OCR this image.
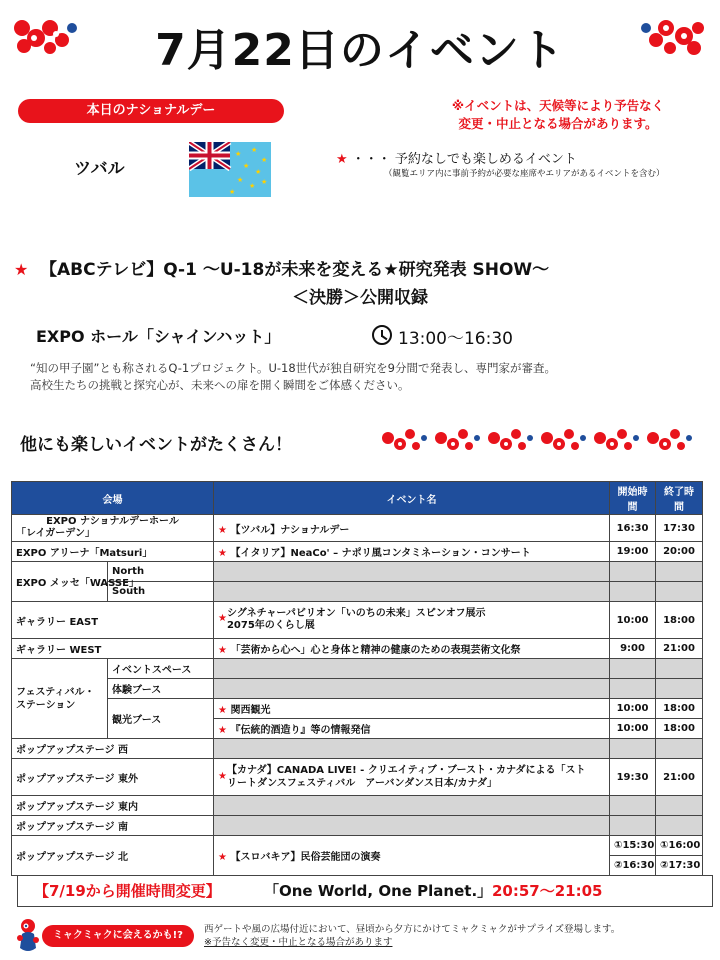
7月22日のイベント
本日のナショナルデー
ツバル
★ ★
★
★
★
★
★ ★
★
※イベントは、天候等により予告なく
変更・中止となる場合があります。
★ ・・・ 予約なしでも楽しめるイベント
（観覧エリア内に事前予約が必要な座席やエリアがあるイベントを含む）
★ 【ABCテレビ】Q-1 ～U-18が未来を変える★研究発表 SHOW～
＜決勝＞公開収録
EXPO ホール「シャインハット」	13:00～16:30
“知の甲子園”とも称されるQ-1プロジェクト。U-18世代が独自研究を9分間で発表し、専門家が審査。
高校生たちの挑戦と探究心が、未来への扉を開く瞬間をご体感ください。
他にも楽しいイベントがたくさん！
会場		イベント名	開始時間	終了時間

EXPO ナショナルデーホール
「レイガーデン」		★ 【ツバル】ナショナルデー	16:30	17:30
EXPO アリーナ「Matsuri」		★ 【イタリア】NeaCo' – ナポリ風コンタミネーション・コンサート	19:00	20:00
EXPO メッセ「WASSE」	North			
	South			
ギャラリー EAST		★ シグネチャーパビリオン「いのちの未来」スピンオフ展示
2075年のくらし展	10:00	18:00
ギャラリー WEST		★ 「芸術から心へ」心と身体と精神の健康のための表現芸術文化祭	9:00	21:00

フェスティバル・
ステーション	イベントスペース			
	体験ブース			
	観光ブース	★ 関西観光	10:00	18:00
		★ 『伝統的酒造り』等の情報発信	10:00	18:00
ポップアップステージ 西				
ポップアップステージ 東外		★
【カナダ】CANADA LIVE! - クリエイティブ・ブースト・カナダによる「スト
リートダンスフェスティバル　アーバンダンス日本/カナダ」	19:30	21:00
ポップアップステージ 東内				
ポップアップステージ 南				
ポップアップステージ 北		★ 【スロバキア】民俗芸能団の演奏	①15:30	①16:00
			②16:30	②17:30
【7/19から開催時間変更】	「One World, One Planet.」 20:57～21:05
ミャクミャクに会えるかも!?
西ゲートや風の広場付近において、昼頃から夕方にかけてミャクミャクがサプライズ登場します。
※予告なく変更・中止となる場合があります
